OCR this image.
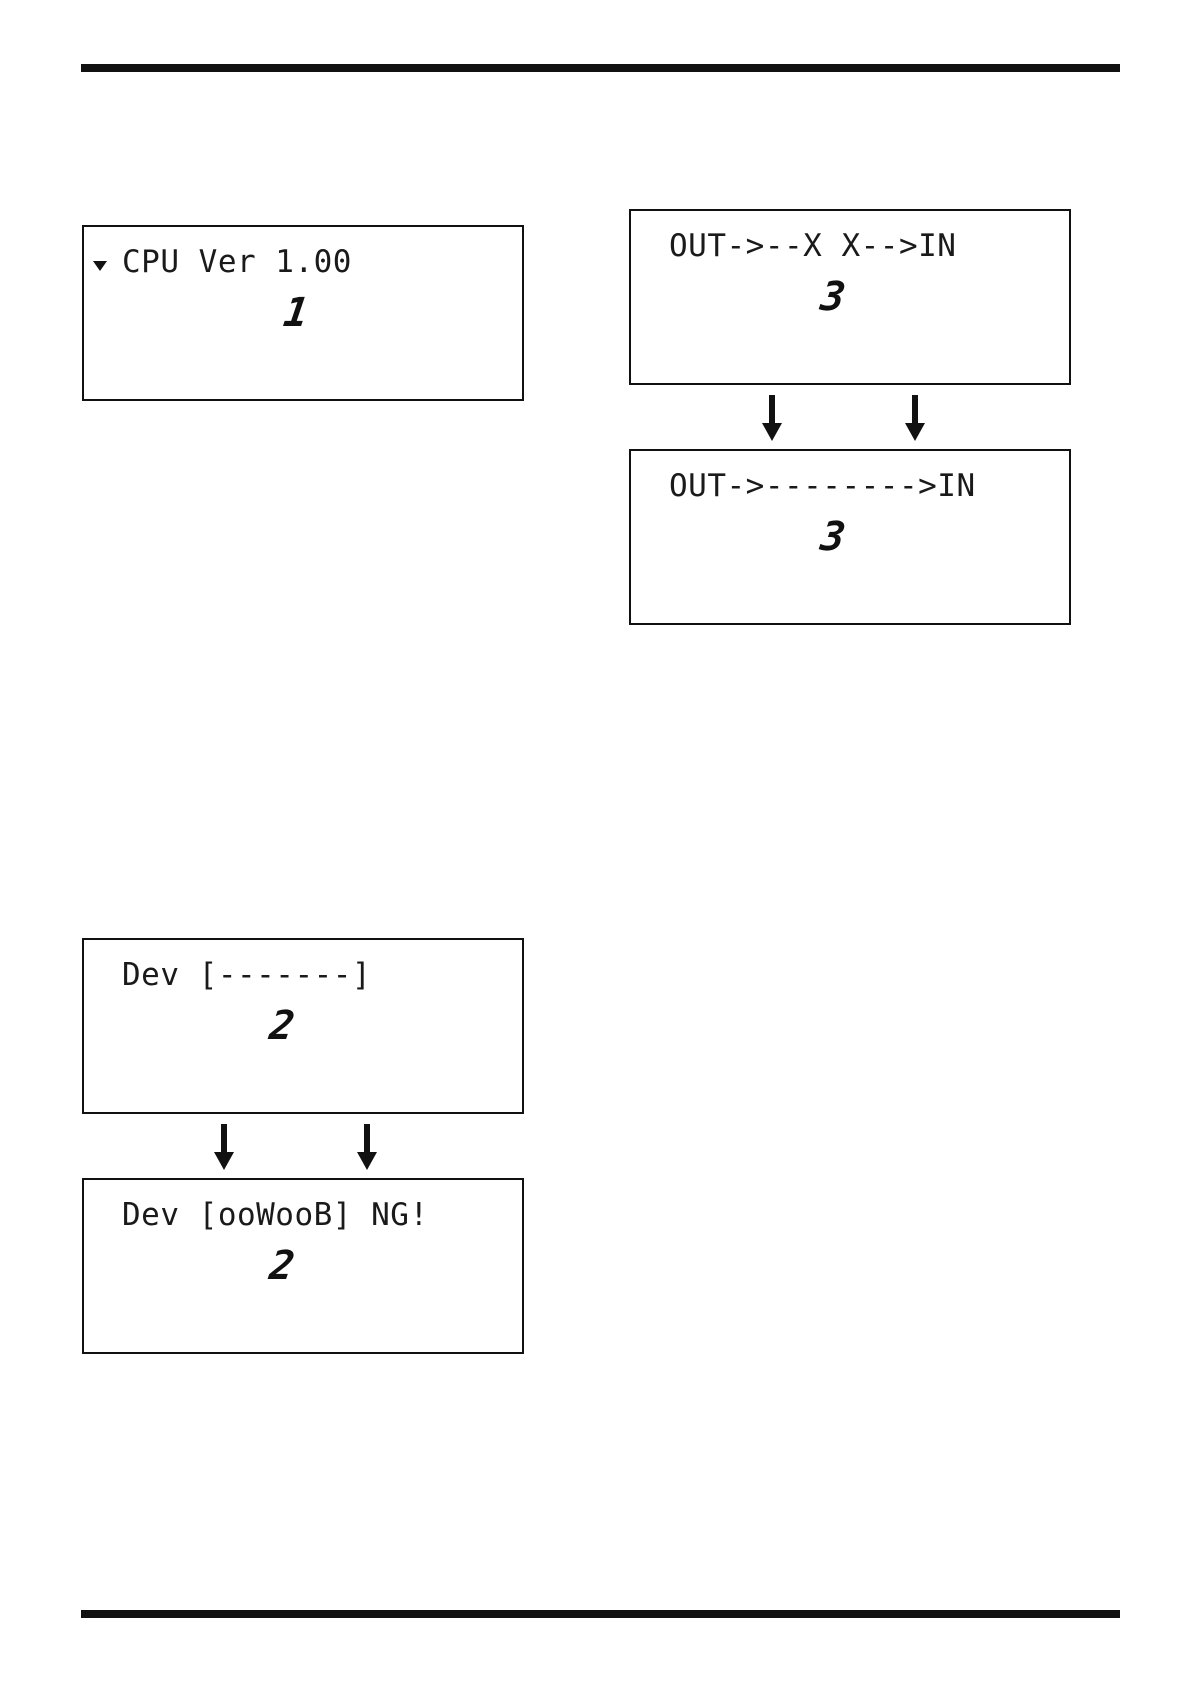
CPU Ver 1.00
1
OUT->--X X-->IN
3
OUT->-------->IN
3
Dev [-------]
2
Dev [ooWooB] NG!
2
